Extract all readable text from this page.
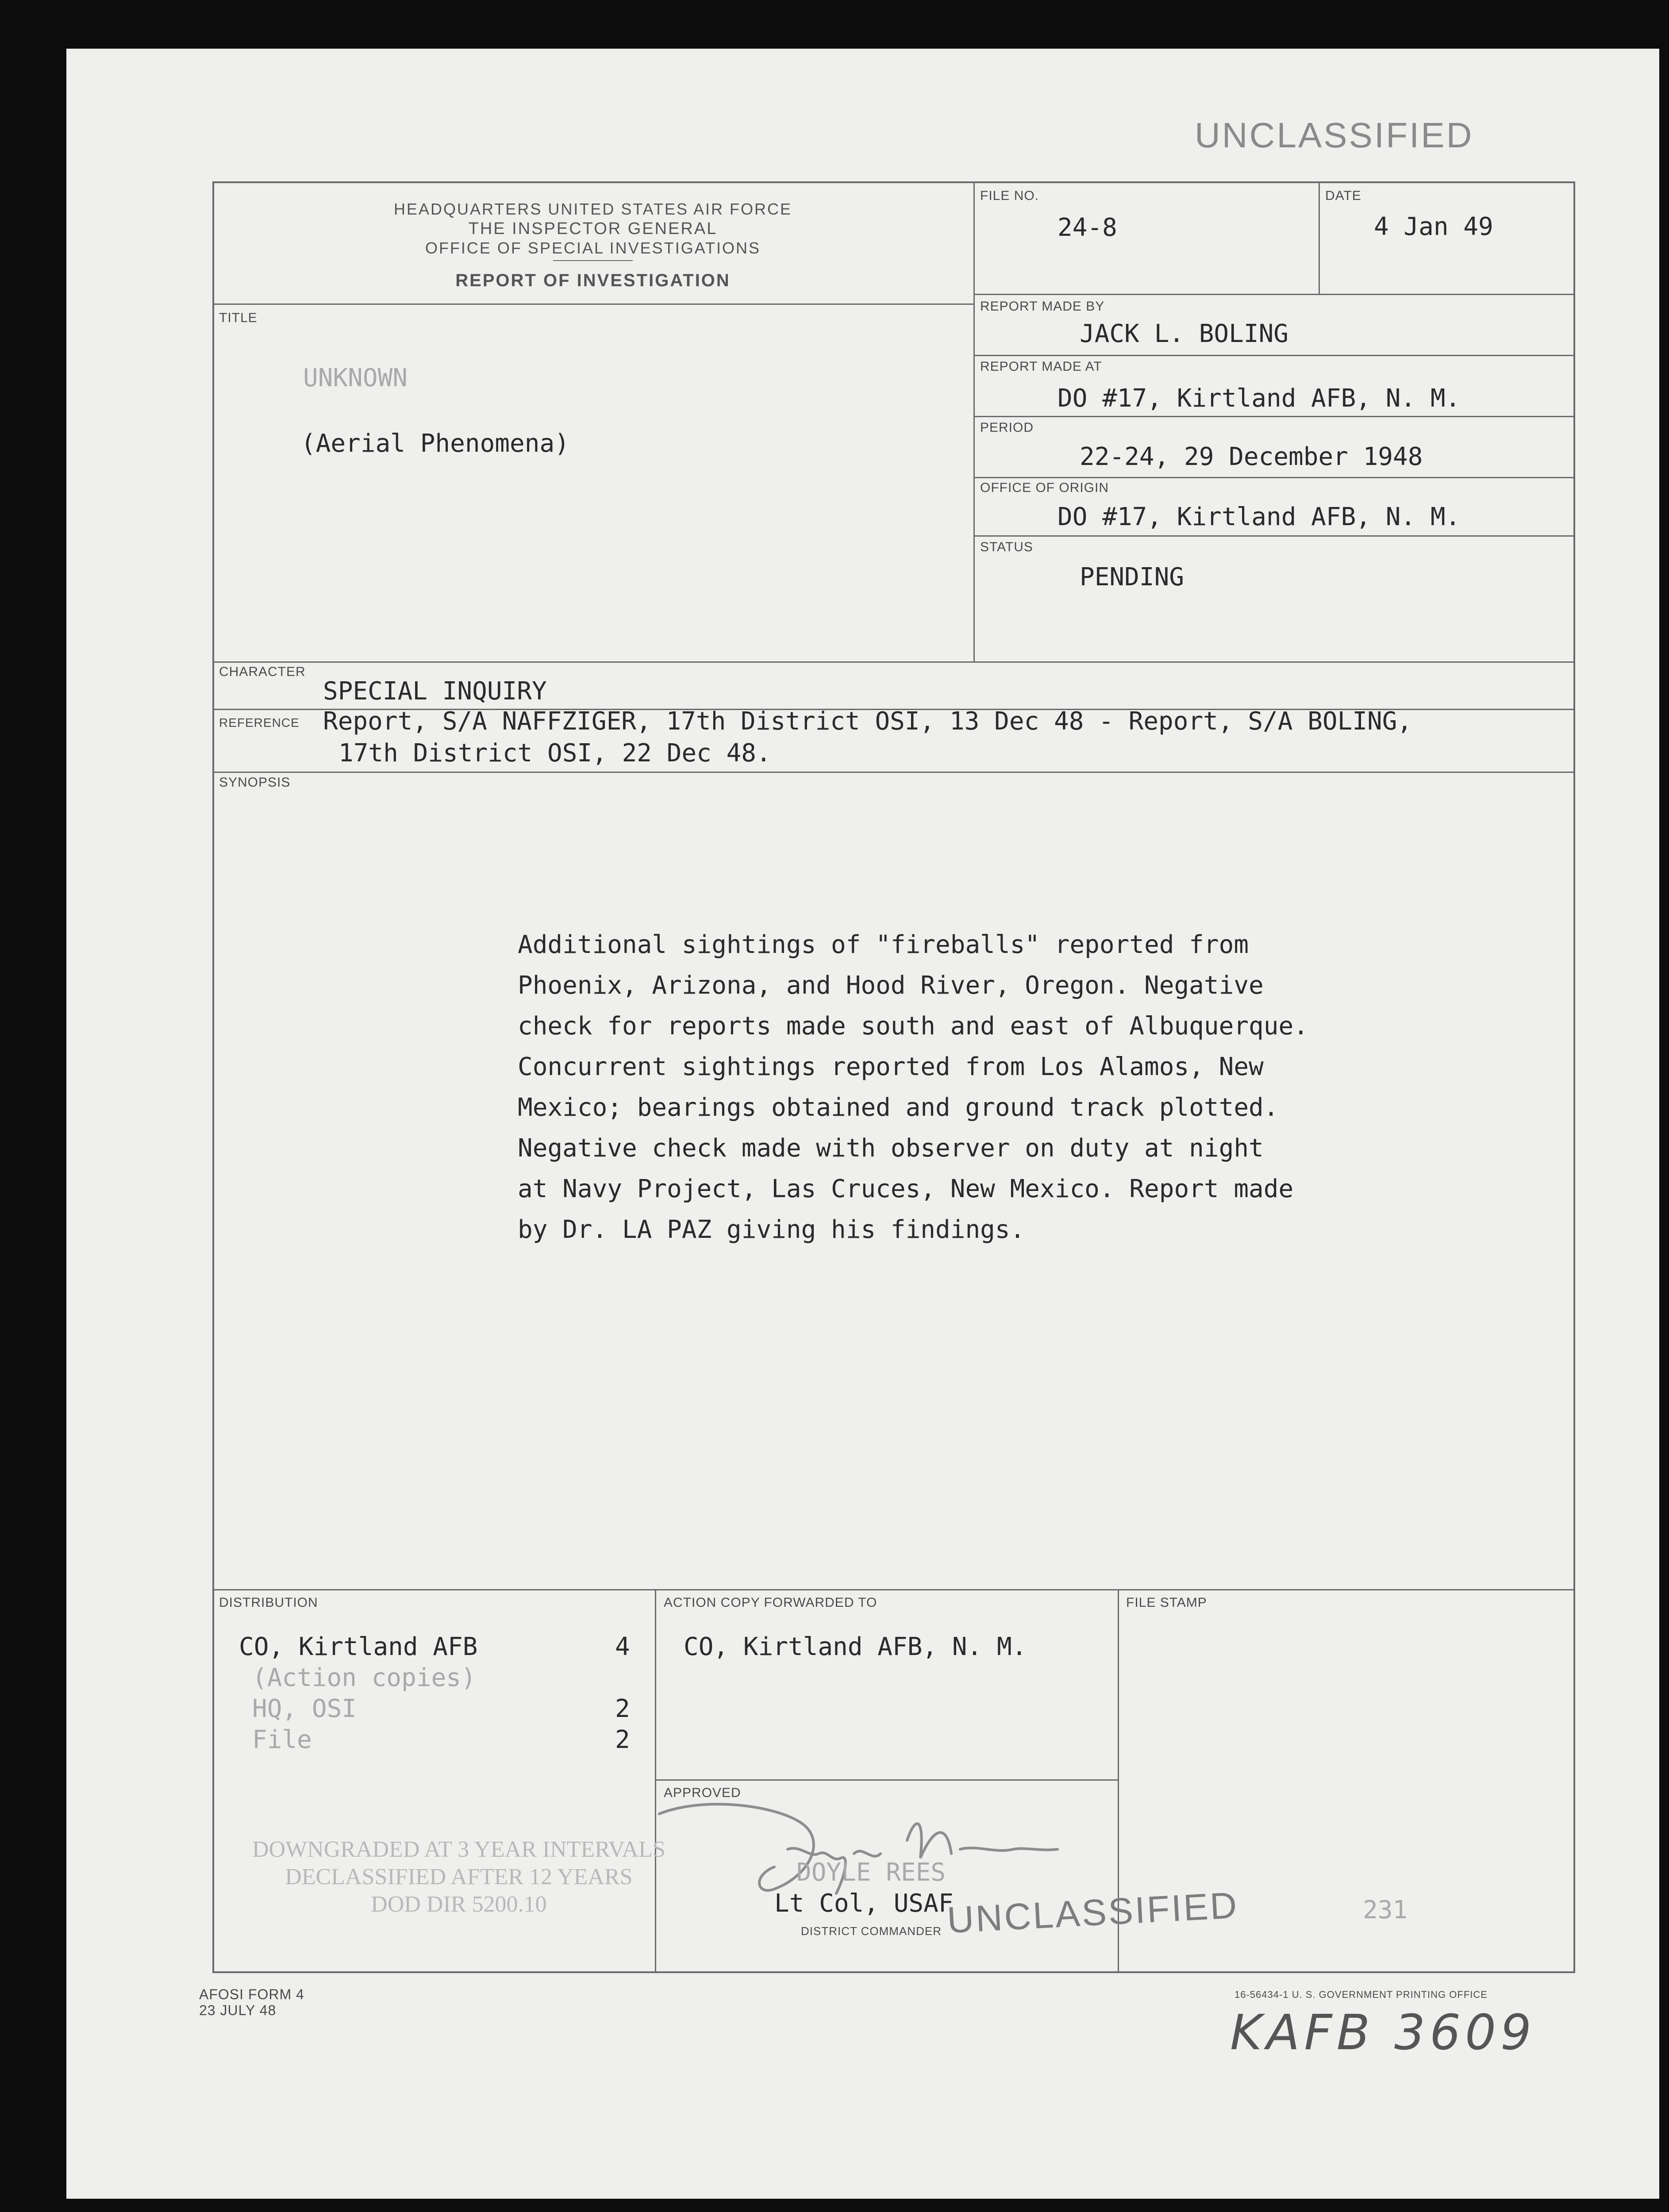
UNCLASSIFIED
HEADQUARTERS UNITED STATES AIR FORCE
THE INSPECTOR GENERAL
OFFICE OF SPECIAL INVESTIGATIONS
REPORT OF INVESTIGATION
FILE NO.
24-8
DATE
4 Jan 49
REPORT MADE BY
JACK L. BOLING
REPORT MADE AT
DO #17, Kirtland AFB, N. M.
PERIOD
22-24, 29 December 1948
OFFICE OF ORIGIN
DO #17, Kirtland AFB, N. M.
STATUS
PENDING
TITLE
UNKNOWN
(Aerial Phenomena)
CHARACTER
SPECIAL INQUIRY
REFERENCE Report, S/A NAFFZIGER, 17th District OSI, 13 Dec 48 - Report, S/A BOLING,
17th District OSI, 22 Dec 48.
SYNOPSIS
Additional sightings of "fireballs" reported from
Phoenix, Arizona, and Hood River, Oregon. Negative
check for reports made south and east of Albuquerque.
Concurrent sightings reported from Los Alamos, New
Mexico; bearings obtained and ground track plotted.
Negative check made with observer on duty at night
at Navy Project, Las Cruces, New Mexico. Report made
by Dr. LA PAZ giving his findings.
DISTRIBUTION
CO, Kirtland AFB	4
(Action copies)
HQ, OSI	2
File	2
ACTION COPY FORWARDED TO
CO, Kirtland AFB, N. M.
FILE STAMP
231
APPROVED
DOYLE REES
Lt Col, USAF
DISTRICT COMMANDER UNCLASSIFIED
DOWNGRADED AT 3 YEAR INTERVALS
DECLASSIFIED AFTER 12 YEARS
DOD DIR 5200.10
AFOSI FORM 4
23 JULY 48
16-56434-1 U. S. GOVERNMENT PRINTING OFFICE
KAFB 3609
